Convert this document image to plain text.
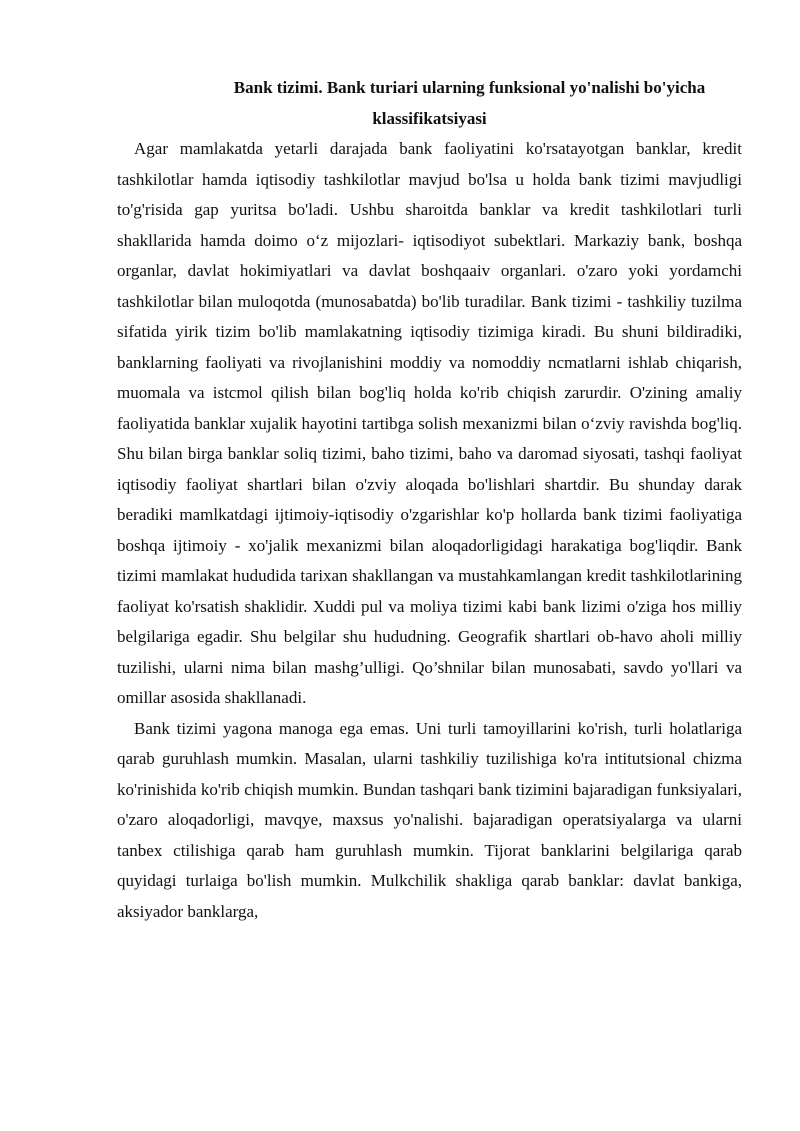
Bank tizimi. Bank turiari ularning funksional yo'nalishi bo'yicha
klassifikatsiyasi

Agar mamlakatda yetarli darajada bank faoliyatini ko'rsatayotgan banklar, kredit tashkilotlar hamda iqtisodiy tashkilotlar mavjud bo'lsa u holda bank tizimi mavjudligi to'g'risida gap yuritsa bo'ladi. Ushbu sharoitda banklar va kredit tashkilotlari turli shakllarida hamda doimo o‘z mijozlari- iqtisodiyot subektlari. Markaziy bank, boshqa organlar, davlat hokimiyatlari va davlat boshqaaiv organlari. o'zaro yoki yordamchi tashkilotlar bilan muloqotda (munosabatda) bo'lib turadilar. Bank tizimi - tashkiliy tuzilma sifatida yirik tizim bo'lib mamlakatning iqtisodiy tizimiga kiradi. Bu shuni bildiradiki, banklarning faoliyati va rivojlanishini moddiy va nomoddiy ncmatlarni ishlab chiqarish, muomala va istcmol qilish bilan bog'liq holda ko'rib chiqish zarurdir. O'zining amaliy faoliyatida banklar xujalik hayotini tartibga solish mexanizmi bilan o‘zviy ravishda bog'liq. Shu bilan birga banklar soliq tizimi, baho tizimi, baho va daromad siyosati, tashqi faoliyat iqtisodiy faoliyat shartlari bilan o'zviy aloqada bo'lishlari shartdir. Bu shunday darak beradiki mamlkatdagi ijtimoiy-iqtisodiy o'zgarishlar ko'p hollarda bank tizimi faoliyatiga boshqa ijtimoiy - xo'jalik mexanizmi bilan aloqadorligidagi harakatiga bog'liqdir. Bank tizimi mamlakat hududida tarixan shakllangan va mustahkamlangan kredit tashkilotlarining faoliyat ko'rsatish shaklidir. Xuddi pul va moliya tizimi kabi bank lizimi o'ziga hos milliy belgilariga egadir. Shu belgilar shu hududning. Geografik shartlari ob-havo aholi milliy tuzilishi, ularni nima bilan mashg’ulligi. Qo’shnilar bilan munosabati, savdo yo'llari va omillar asosida shakllanadi.

Bank tizimi yagona manoga ega emas. Uni turli tamoyillarini ko'rish, turli holatlariga qarab guruhlash mumkin. Masalan, ularni tashkiliy tuzilishiga ko'ra intitutsional chizma ko'rinishida ko'rib chiqish mumkin. Bundan tashqari bank tizimini bajaradigan funksiyalari, o'zaro aloqadorligi, mavqye, maxsus yo'nalishi. bajaradigan operatsiyalarga va ularni tanbex ctilishiga qarab ham guruhlash mumkin. Tijorat banklarini belgilariga qarab quyidagi turlaiga bo'lish mumkin. Mulkchilik shakliga qarab banklar: davlat bankiga, aksiyador banklarga,
